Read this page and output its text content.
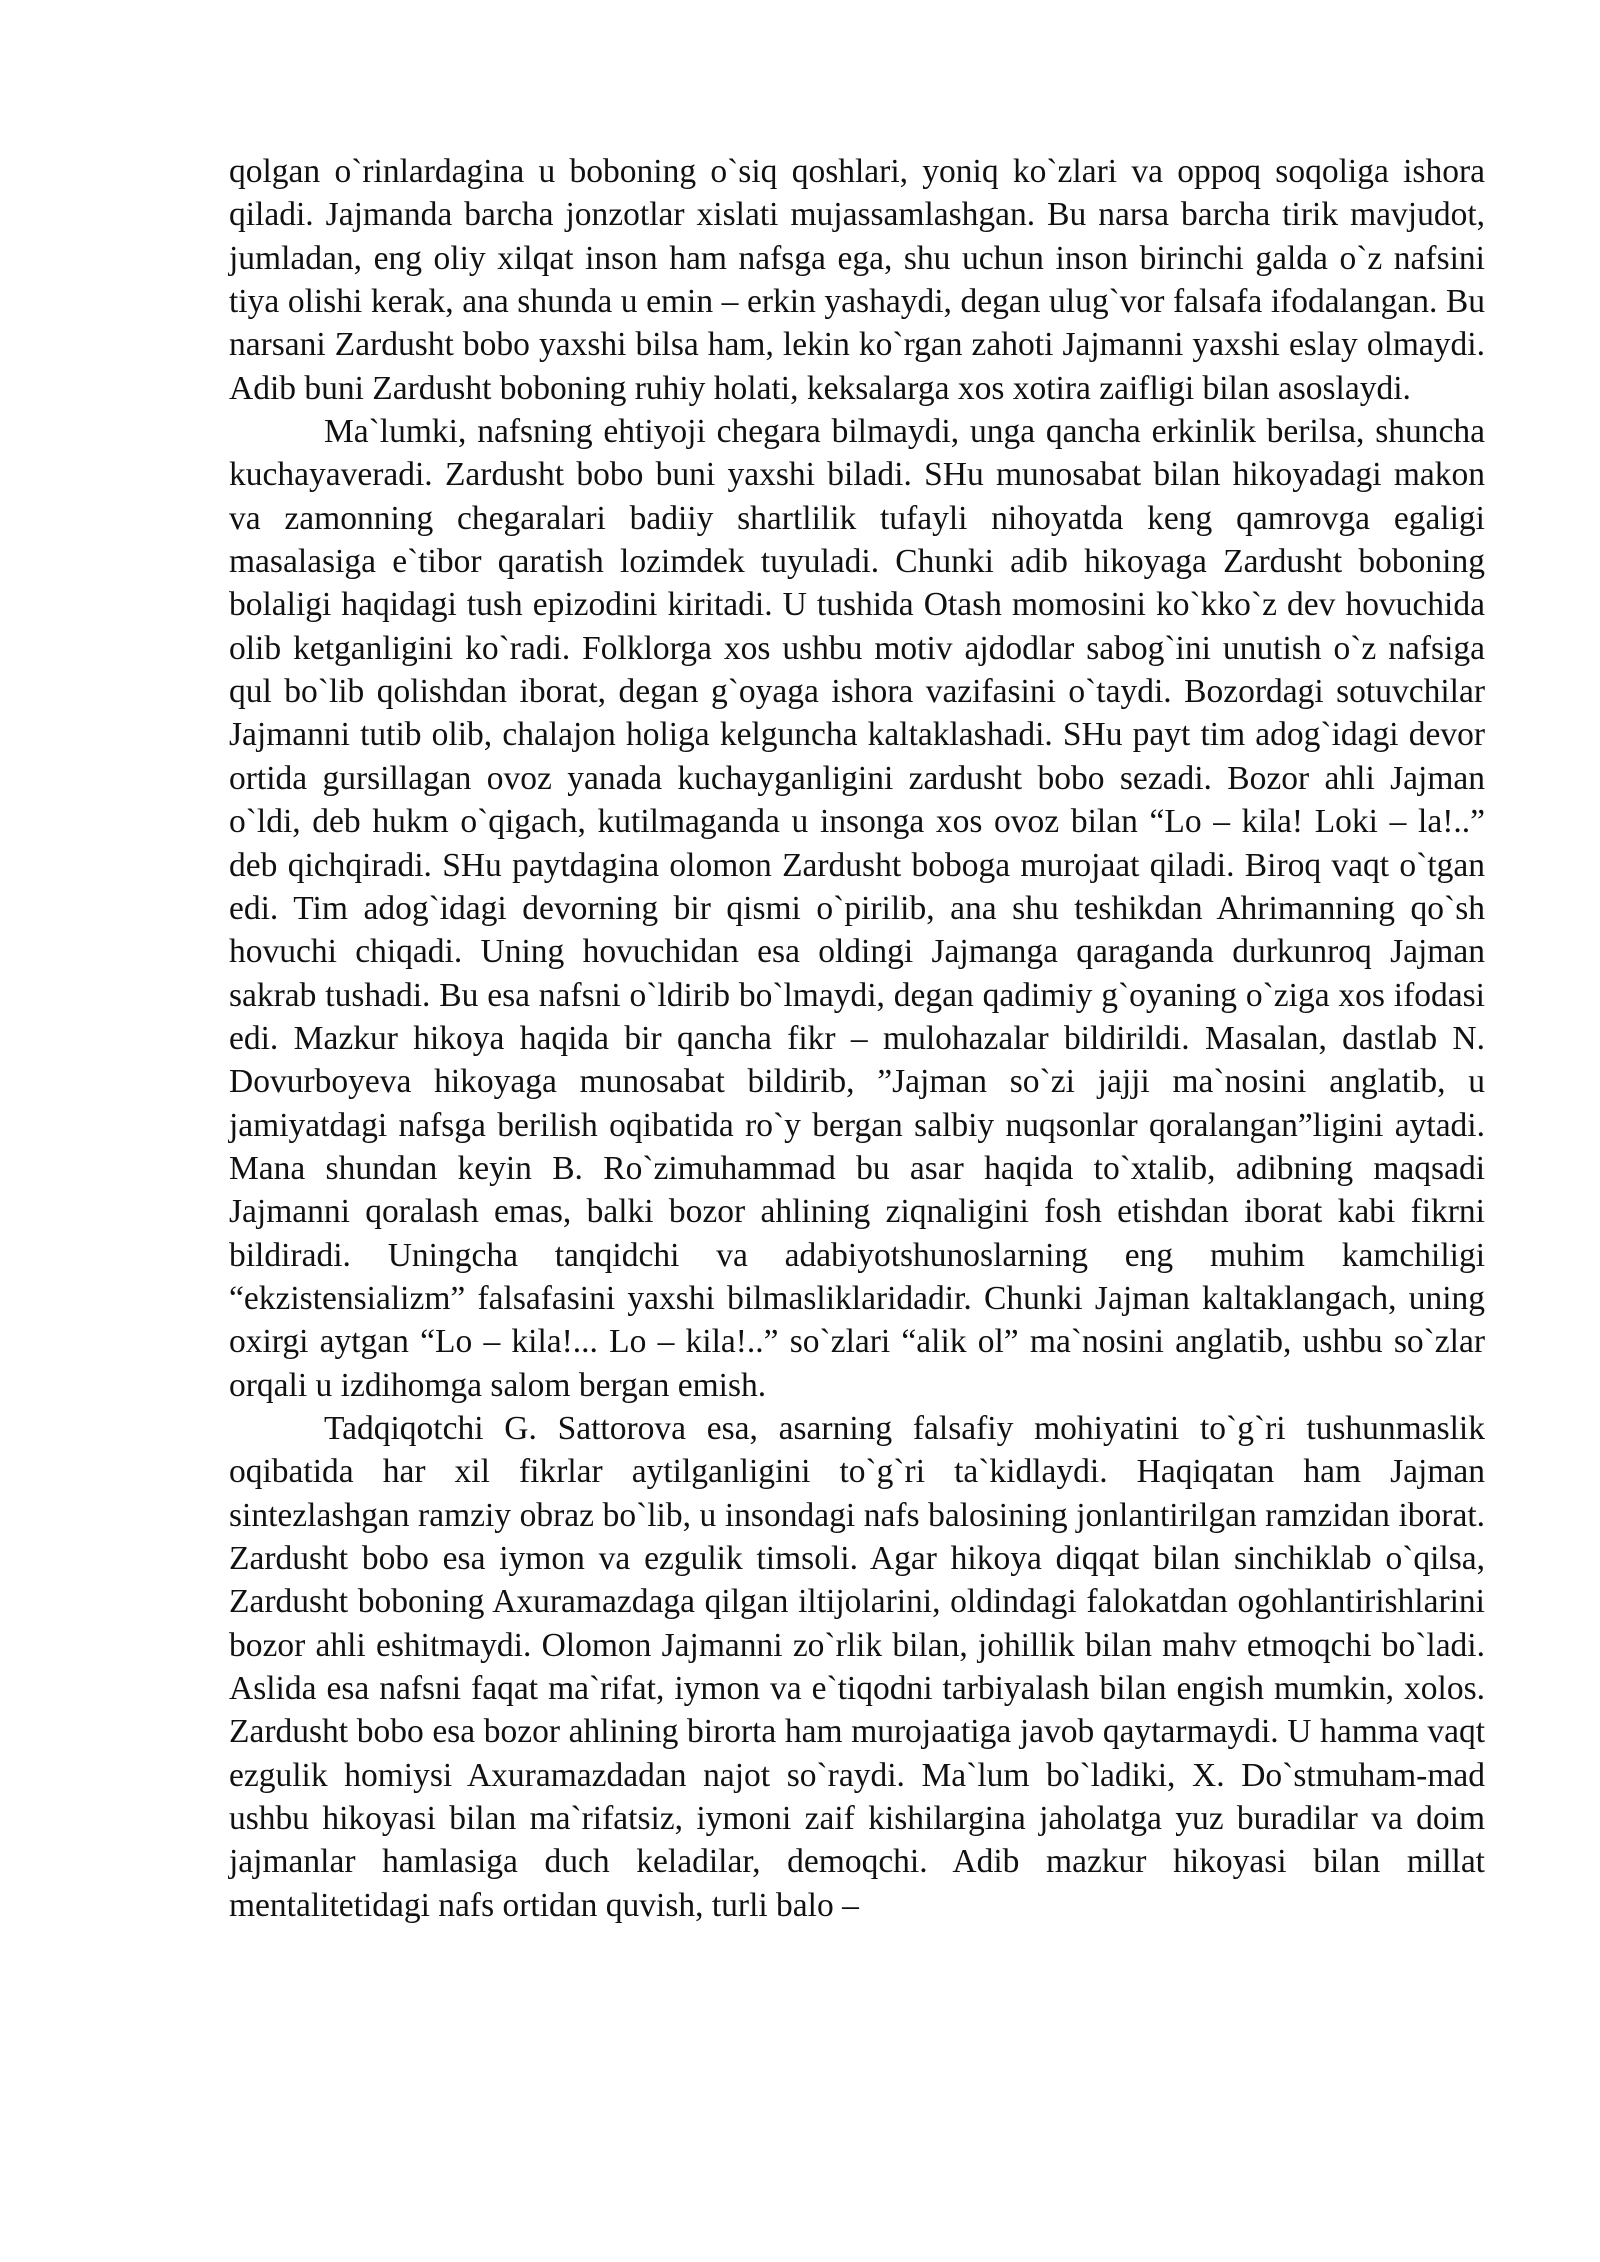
qolgan o`rinlardagina u boboning o`siq qoshlari, yoniq ko`zlari va oppoq soqoliga ishora qiladi. Jajmanda barcha jonzotlar xislati mujassamlashgan. Bu narsa barcha tirik mavjudot, jumladan, eng oliy xilqat inson ham nafsga ega, shu uchun inson birinchi galda o`z nafsini tiya olishi kerak, ana shunda u emin – erkin yashaydi, degan ulug`vor falsafa ifodalangan. Bu narsani Zardusht bobo yaxshi bilsa ham, lekin ko`rgan zahoti Jajmanni yaxshi eslay olmaydi. Adib buni Zardusht boboning ruhiy holati, keksalarga xos xotira zaifligi bilan asoslaydi.

Ma`lumki, nafsning ehtiyoji chegara bilmaydi, unga qancha erkinlik berilsa, shuncha kuchayaveradi. Zardusht bobo buni yaxshi biladi. SHu munosabat bilan hikoyadagi makon va zamonning chegaralari badiiy shartlilik tufayli nihoyatda keng qamrovga egaligi masalasiga e`tibor qaratish lozimdek tuyuladi. Chunki adib hikoyaga Zardusht boboning bolaligi haqidagi tush epizodini kiritadi. U tushida Otash momosini ko`kko`z dev hovuchida olib ketganligini ko`radi. Folklorga xos ushbu motiv ajdodlar sabog`ini unutish o`z nafsiga qul bo`lib qolishdan iborat, degan g`oyaga ishora vazifasini o`taydi. Bozordagi sotuvchilar Jajmanni tutib olib, chalajon holiga kelguncha kaltaklashadi. SHu payt tim adog`idagi devor ortida gursillagan ovoz yanada kuchayganligini zardusht bobo sezadi. Bozor ahli Jajman o`ldi, deb hukm o`qigach, kutilmaganda u insonga xos ovoz bilan “Lo – kila! Loki – la!..” deb qichqiradi. SHu paytdagina olomon Zardusht boboga murojaat qiladi. Biroq vaqt o`tgan edi. Tim adog`idagi devorning bir qismi o`pirilib, ana shu teshikdan Ahrimanning qo`sh hovuchi chiqadi. Uning hovuchidan esa oldingi Jajmanga qaraganda durkunroq Jajman sakrab tushadi. Bu esa nafsni o`ldirib bo`lmaydi, degan qadimiy g`oyaning o`ziga xos ifodasi edi. Mazkur hikoya haqida bir qancha fikr – mulohazalar bildirildi. Masalan, dastlab N. Dovurboyeva hikoyaga munosabat bildirib, ”Jajman so`zi jajji ma`nosini anglatib, u jamiyatdagi nafsga berilish oqibatida ro`y bergan salbiy nuqsonlar qoralangan”ligini aytadi. Mana shundan keyin B. Ro`zimuhammad bu asar haqida to`xtalib, adibning maqsadi Jajmanni qoralash emas, balki bozor ahlining ziqnaligini fosh etishdan iborat kabi fikrni bildiradi. Uningcha tanqidchi va adabiyotshunoslarning eng muhim kamchiligi “ekzistensializm” falsafasini yaxshi bilmasliklaridadir. Chunki Jajman kaltaklangach, uning oxirgi aytgan “Lo – kila!... Lo – kila!..” so`zlari “alik ol” ma`nosini anglatib, ushbu so`zlar orqali u izdihomga salom bergan emish.

Tadqiqotchi G. Sattorova esa, asarning falsafiy mohiyatini to`g`ri tushunmaslik oqibatida har xil fikrlar aytilganligini to`g`ri ta`kidlaydi. Haqiqatan ham Jajman sintezlashgan ramziy obraz bo`lib, u insondagi nafs balosining jonlantirilgan ramzidan iborat. Zardusht bobo esa iymon va ezgulik timsoli. Agar hikoya diqqat bilan sinchiklab o`qilsa, Zardusht boboning Axuramazdaga qilgan iltijolarini, oldindagi falokatdan ogohlantirishlarini bozor ahli eshitmaydi. Olomon Jajmanni zo`rlik bilan, johillik bilan mahv etmoqchi bo`ladi. Aslida esa nafsni faqat ma`rifat, iymon va e`tiqodni tarbiyalash bilan engish mumkin, xolos. Zardusht bobo esa bozor ahlining birorta ham murojaatiga javob qaytarmaydi. U hamma vaqt ezgulik homiysi Axuramazdadan najot so`raydi. Ma`lum bo`ladiki, X. Do`stmuham-mad ushbu hikoyasi bilan ma`rifatsiz, iymoni zaif kishilargina jaholatga yuz buradilar va doim jajmanlar hamlasiga duch keladilar, demoqchi. Adib mazkur hikoyasi bilan millat mentalitetidagi nafs ortidan quvish, turli balo –
